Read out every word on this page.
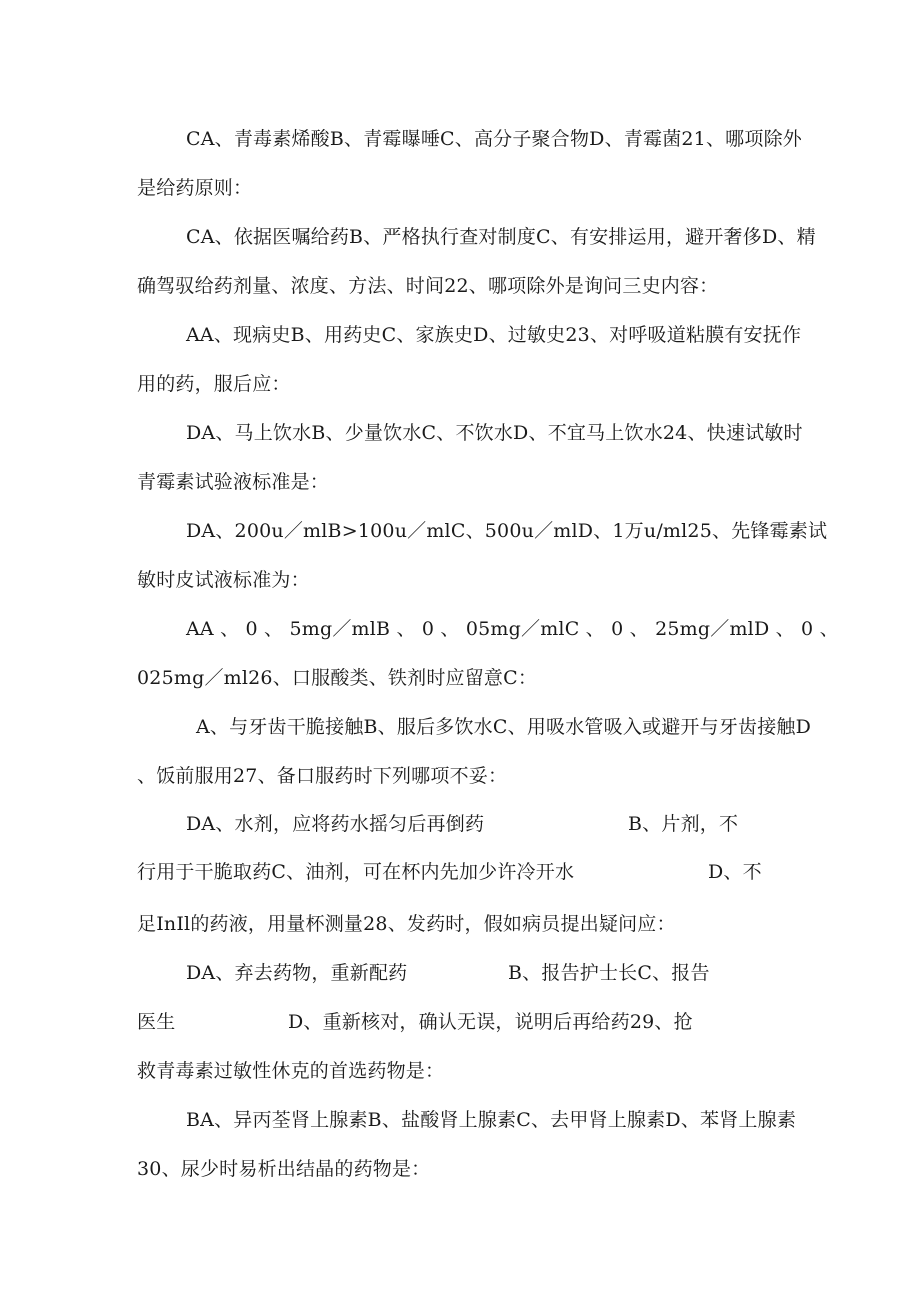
CA、青毒素烯酸B、青霉曝唾C、高分子聚合物D、青霉菌21、哪项除外
是给药原则：
CA、依据医嘱给药B、严格执行查对制度C、有安排运用，避开奢侈D、精
确驾驭给药剂量、浓度、方法、时间22、哪项除外是询问三史内容：
AA、现病史B、用药史C、家族史D、过敏史23、对呼吸道粘膜有安抚作
用的药，服后应：
DA、马上饮水B、少量饮水C、不饮水D、不宜马上饮水24、快速试敏时
青霉素试验液标准是：
DA、200u／mlB>100u／mlC、500u／mlD、1万u/ml25、先锋霉素试
敏时皮试液标准为：
AA 、 0 、 5mg／mlB 、 0 、 05mg／mlC 、 0 、 25mg／mlD 、 0 、
025mg／ml26、口服酸类、铁剂时应留意C：
A、与牙齿干脆接触B、服后多饮水C、用吸水管吸入或避开与牙齿接触D
、饭前服用27、备口服药时下列哪项不妥：
DA、水剂，应将药水摇匀后再倒药	B、片剂，不
行用于干脆取药C、油剂，可在杯内先加少许冷开水	D、不
足InIl的药液，用量杯测量28、发药时，假如病员提出疑问应：
DA、弃去药物，重新配药	B、报告护士长C、报告
医生	D、重新核对，确认无误，说明后再给药29、抢
救青毒素过敏性休克的首选药物是：
BA、异丙荃肾上腺素B、盐酸肾上腺素C、去甲肾上腺素D、苯肾上腺素
30、尿少时易析出结晶的药物是：
